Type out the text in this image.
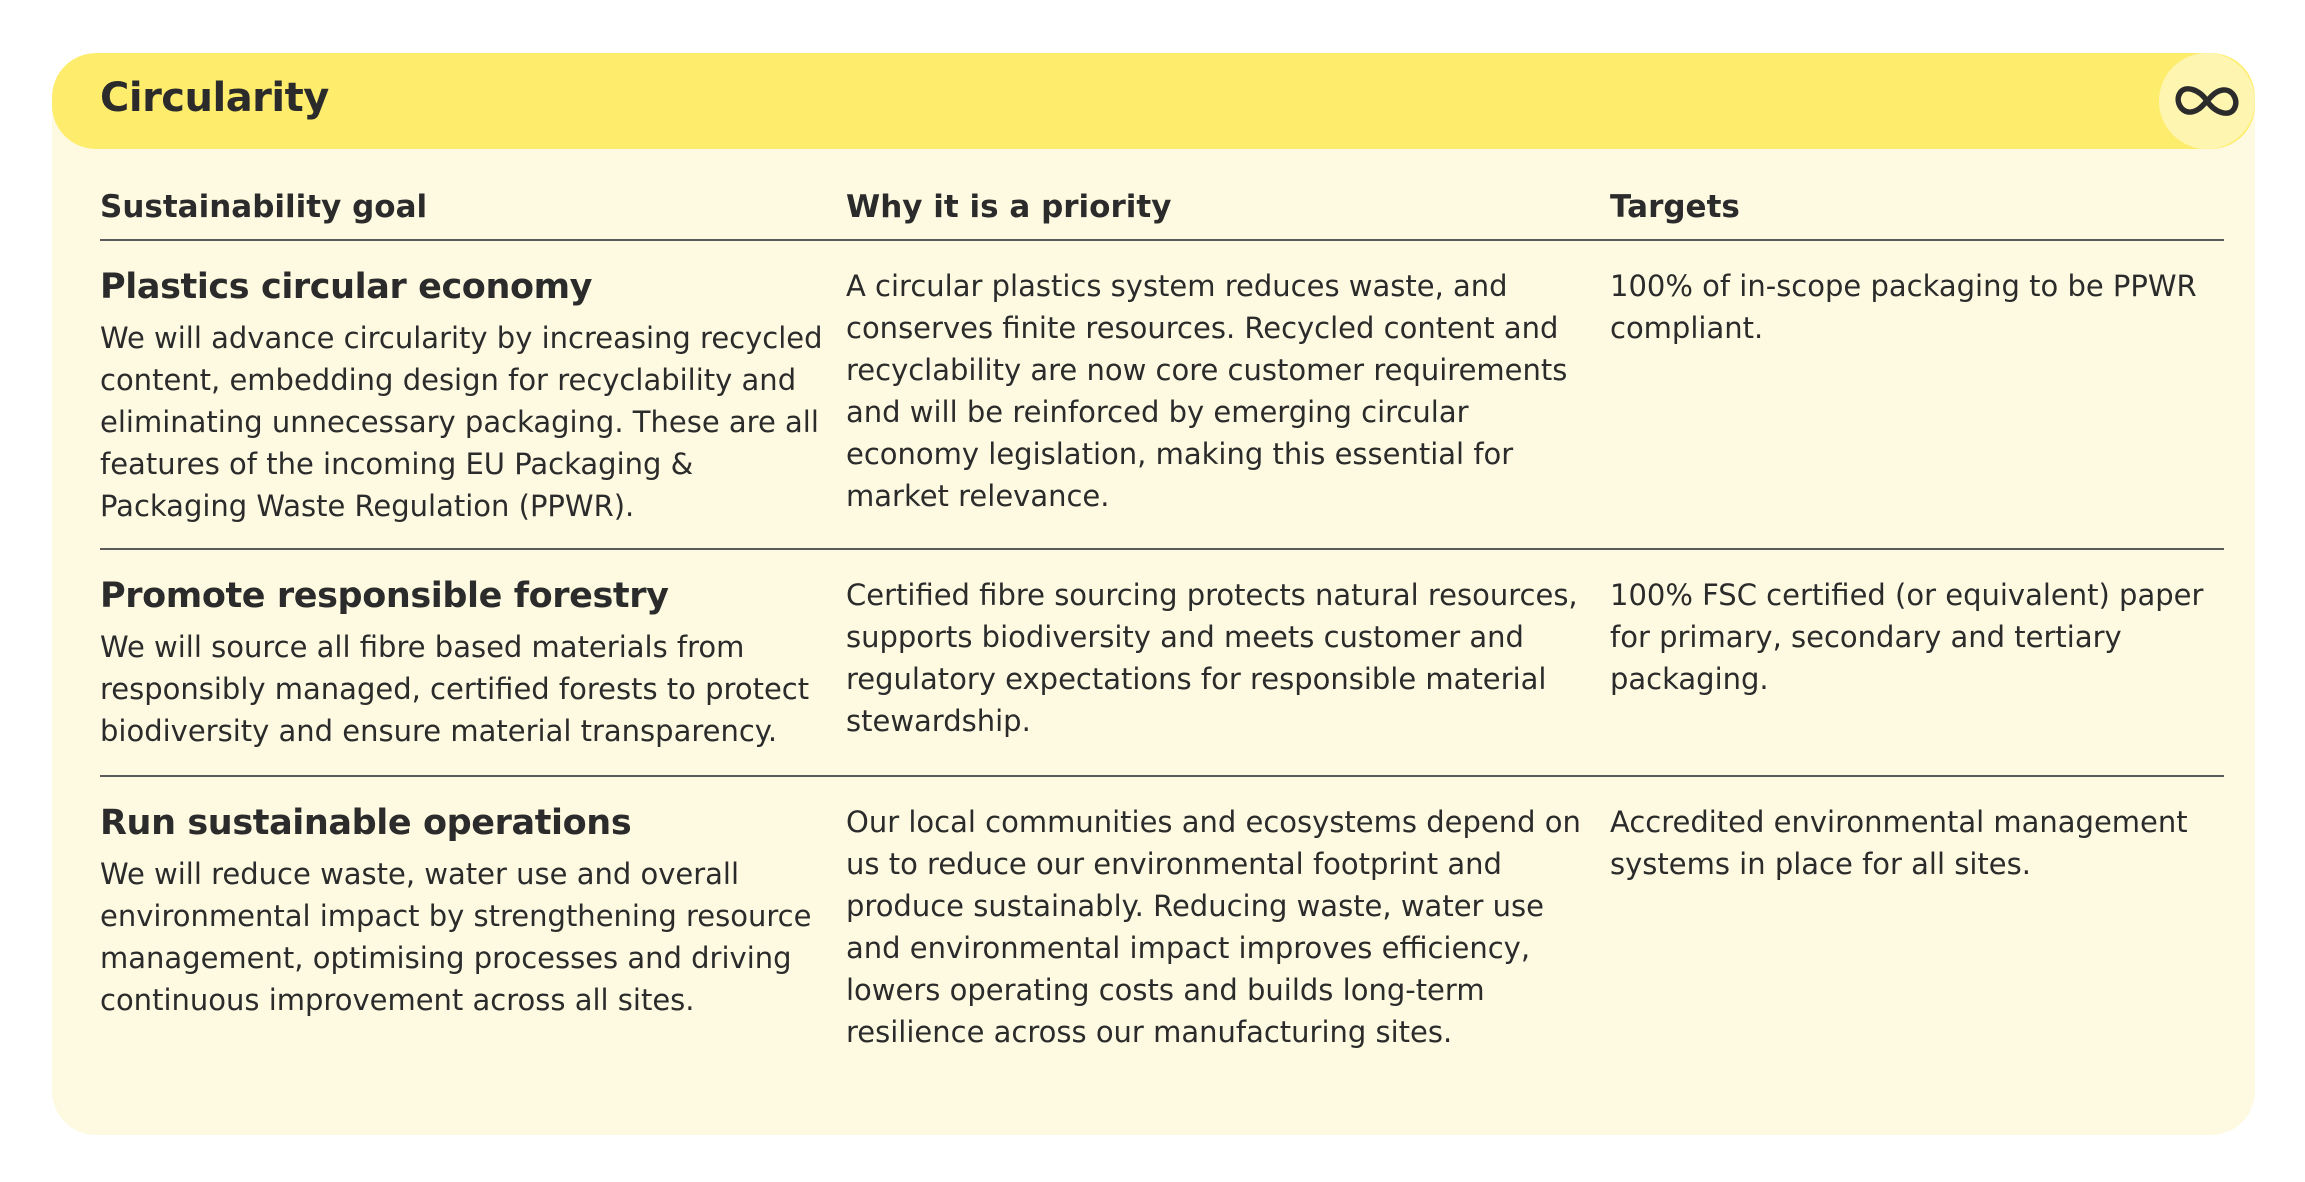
Circularity
Sustainability goal	Why it is a priority	Targets
Plastics circular economy
We will advance circularity by increasing recycled content, embedding design for recyclability and eliminating unnecessary packaging. These are all features of the incoming EU Packaging & Packaging Waste Regulation (PPWR).
A circular plastics system reduces waste, and conserves finite resources. Recycled content and recyclability are now core customer requirements and will be reinforced by emerging circular economy legislation, making this essential for market relevance.
100% of in-scope packaging to be PPWR compliant.
Promote responsible forestry
We will source all fibre based materials from responsibly managed, certified forests to protect biodiversity and ensure material transparency.
Certified fibre sourcing protects natural resources, supports biodiversity and meets customer and regulatory expectations for responsible material stewardship.
100% FSC certified (or equivalent) paper for primary, secondary and tertiary packaging.
Run sustainable operations
We will reduce waste, water use and overall environmental impact by strengthening resource management, optimising processes and driving continuous improvement across all sites.
Our local communities and ecosystems depend on us to reduce our environmental footprint and produce sustainably. Reducing waste, water use and environmental impact improves efficiency, lowers operating costs and builds long-term resilience across our manufacturing sites.
Accredited environmental management systems in place for all sites.
